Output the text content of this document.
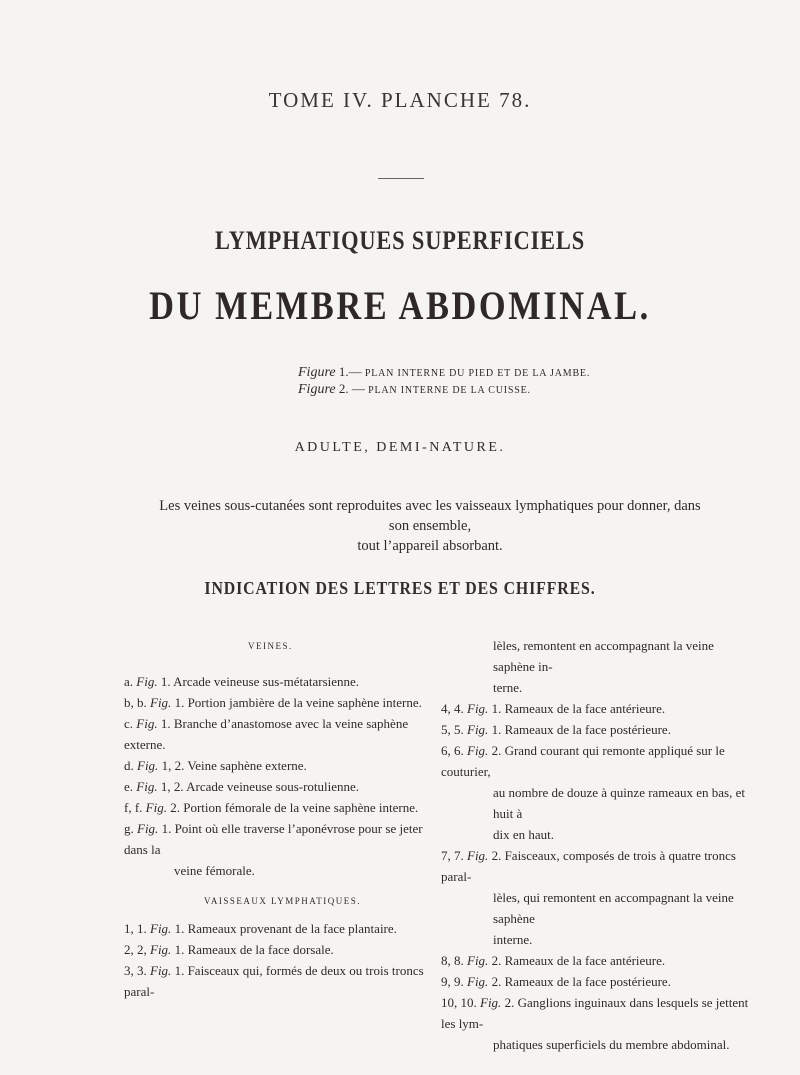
TOME IV. PLANCHE 78.
LYMPHATIQUES SUPERFICIELS
DU MEMBRE ABDOMINAL.
Figure 1.— PLAN INTERNE DU PIED ET DE LA JAMBE.
Figure 2. — PLAN INTERNE DE LA CUISSE.
ADULTE, DEMI-NATURE.
Les veines sous-cutanées sont reproduites avec les vaisseaux lymphatiques pour donner, dans son ensemble,
tout l’appareil absorbant.
INDICATION DES LETTRES ET DES CHIFFRES.
VEINES.
a. Fig. 1. Arcade veineuse sus-métatarsienne.
b, b. Fig. 1. Portion jambière de la veine saphène interne.
c. Fig. 1. Branche d’anastomose avec la veine saphène externe.
d. Fig. 1, 2. Veine saphène externe.
e. Fig. 1, 2. Arcade veineuse sous-rotulienne.
f, f. Fig. 2. Portion fémorale de la veine saphène interne.
g. Fig. 1. Point où elle traverse l’aponévrose pour se jeter dans la
veine fémorale.
VAISSEAUX LYMPHATIQUES.
1, 1. Fig. 1. Rameaux provenant de la face plantaire.
2, 2, Fig. 1. Rameaux de la face dorsale.
3, 3. Fig. 1. Faisceaux qui, formés de deux ou trois troncs paral-
lèles, remontent en accompagnant la veine saphène in-
terne.
4, 4. Fig. 1. Rameaux de la face antérieure.
5, 5. Fig. 1. Rameaux de la face postérieure.
6, 6. Fig. 2. Grand courant qui remonte appliqué sur le couturier,
au nombre de douze à quinze rameaux en bas, et huit à
dix en haut.
7, 7. Fig. 2. Faisceaux, composés de trois à quatre troncs paral-
lèles, qui remontent en accompagnant la veine saphène
interne.
8, 8. Fig. 2. Rameaux de la face antérieure.
9, 9. Fig. 2. Rameaux de la face postérieure.
10, 10. Fig. 2. Ganglions inguinaux dans lesquels se jettent les lym-
phatiques superficiels du membre abdominal.
